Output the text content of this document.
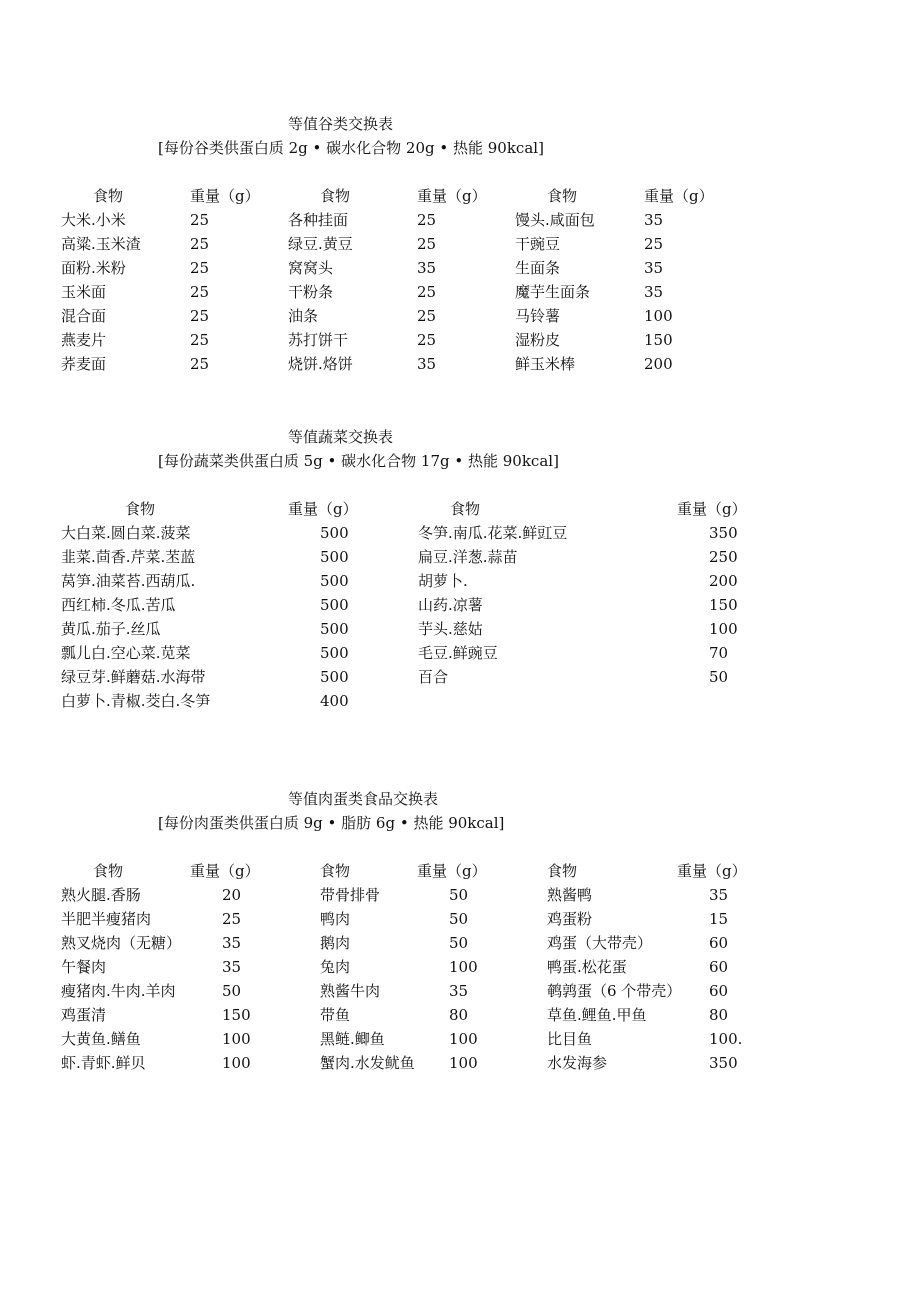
等值谷类交换表
[每份谷类供蛋白质 2g • 碳水化合物 20g • 热能 90kcal]
食物	重量（g）	食物	重量（g）	食物	重量（g）
大米.小米	25	各种挂面	25	馒头.咸面包	35
高粱.玉米渣	25	绿豆.黄豆	25	干豌豆	25
面粉.米粉	25	窝窝头	35	生面条	35
玉米面	25	干粉条	25	魔芋生面条	35
混合面	25	油条	25	马铃薯	100
燕麦片	25	苏打饼干	25	湿粉皮	150
荞麦面	25	烧饼.烙饼	35	鲜玉米棒	200
等值蔬菜交换表
[每份蔬菜类供蛋白质 5g • 碳水化合物 17g • 热能 90kcal]
食物	重量（g）	食物	重量（g）
大白菜.圆白菜.菠菜	500	冬笋.南瓜.花菜.鲜豇豆	350
韭菜.茴香.芹菜.苤蓝	500	扁豆.洋葱.蒜苗	250
莴笋.油菜苔.西葫瓜.	500	胡萝卜.	200
西红柿.冬瓜.苦瓜	500	山药.凉薯	150
黄瓜.茄子.丝瓜	500	芋头.慈姑	100
瓢儿白.空心菜.苋菜	500	毛豆.鲜豌豆	70
绿豆芽.鲜蘑菇.水海带	500	百合	50
白萝卜.青椒.茭白.冬笋	400
等值肉蛋类食品交换表
[每份肉蛋类供蛋白质 9g • 脂肪 6g • 热能 90kcal]
食物	重量（g）	食物	重量（g）	食物	重量（g）
熟火腿.香肠	20	带骨排骨	50	熟酱鸭	35
半肥半瘦猪肉	25	鸭肉	50	鸡蛋粉	15
熟叉烧肉（无糖）	35	鹅肉	50	鸡蛋（大带壳）	60
午餐肉	35	兔肉	100	鸭蛋.松花蛋	60
瘦猪肉.牛肉.羊肉	50	熟酱牛肉	35	鹌鹑蛋（6 个带壳） 60
鸡蛋清	150	带鱼	80	草鱼.鲤鱼.甲鱼	80
大黄鱼.鳝鱼	100	黑鲢.鲫鱼	100	比目鱼	100.
虾.青虾.鲜贝	100	蟹肉.水发鱿鱼 100	水发海参	350
